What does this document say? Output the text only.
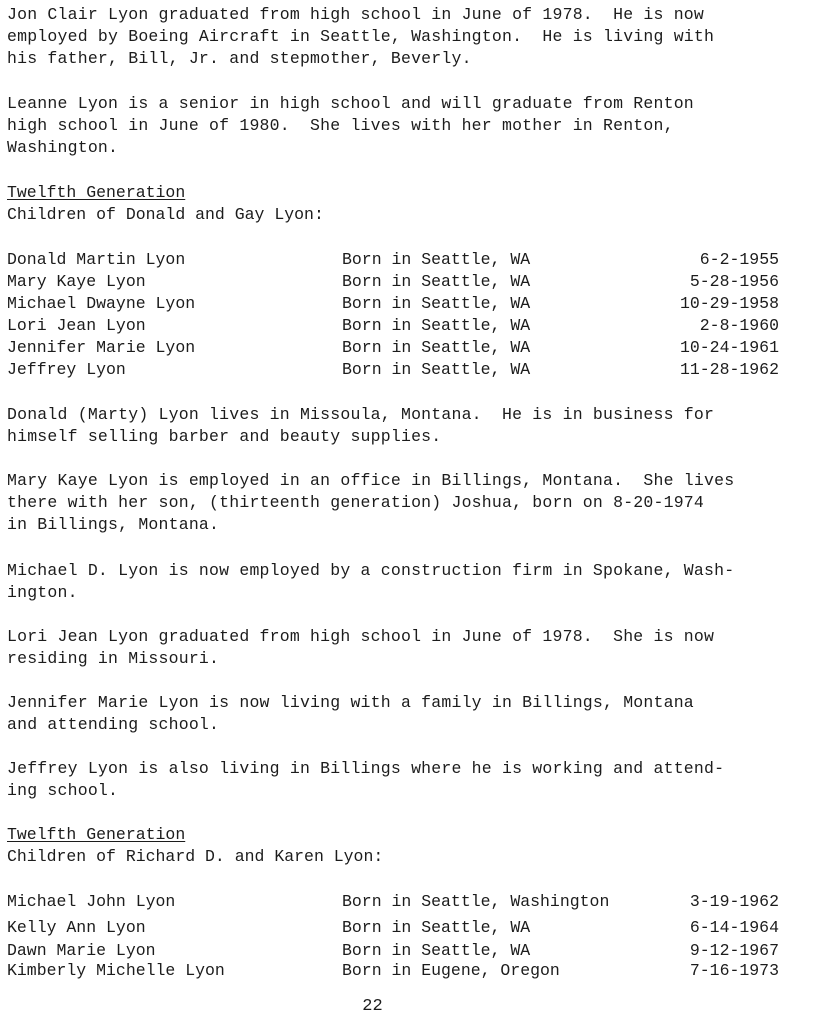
Jon Clair Lyon graduated from high school in June of 1978.  He is now

employed by Boeing Aircraft in Seattle, Washington.  He is living with

his father, Bill, Jr. and stepmother, Beverly.

Leanne Lyon is a senior in high school and will graduate from Renton

high school in June of 1980.  She lives with her mother in Renton,

Washington.

Twelfth Generation

Children of Donald and Gay Lyon:

Donald Martin Lyon	Born in Seattle, WA	6-2-1955
Mary Kaye Lyon	Born in Seattle, WA	5-28-1956
Michael Dwayne Lyon	Born in Seattle, WA	10-29-1958
Lori Jean Lyon	Born in Seattle, WA	2-8-1960
Jennifer Marie Lyon	Born in Seattle, WA	10-24-1961
Jeffrey Lyon	Born in Seattle, WA	11-28-1962

Donald (Marty) Lyon lives in Missoula, Montana.  He is in business for

himself selling barber and beauty supplies.

Mary Kaye Lyon is employed in an office in Billings, Montana.  She lives

there with her son, (thirteenth generation) Joshua, born on 8-20-1974

in Billings, Montana.

Michael D. Lyon is now employed by a construction firm in Spokane, Wash-

ington.

Lori Jean Lyon graduated from high school in June of 1978.  She is now

residing in Missouri.

Jennifer Marie Lyon is now living with a family in Billings, Montana

and attending school.

Jeffrey Lyon is also living in Billings where he is working and attend-

ing school.

Twelfth Generation

Children of Richard D. and Karen Lyon:

Michael John Lyon	Born in Seattle, Washington	3-19-1962
Kelly Ann Lyon	Born in Seattle, WA	6-14-1964
Dawn Marie Lyon	Born in Seattle, WA	9-12-1967
Kimberly Michelle Lyon	Born in Eugene, Oregon	7-16-1973
22
